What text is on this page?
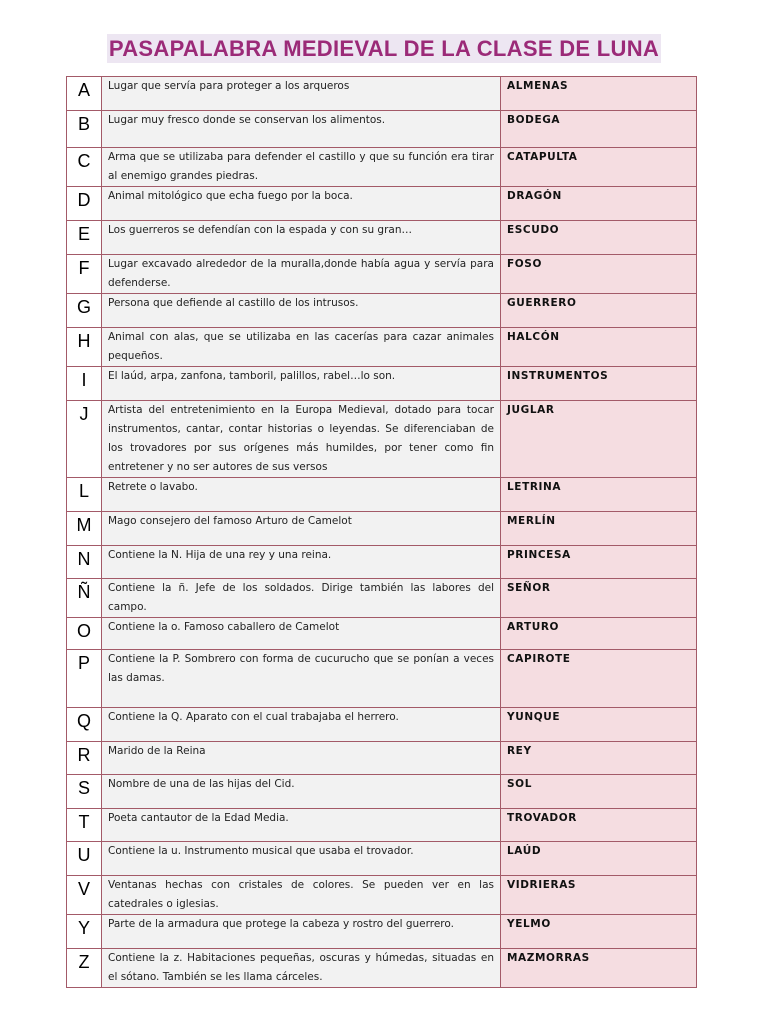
PASAPALABRA MEDIEVAL DE LA CLASE DE LUNA
A	Lugar que servía para proteger a los arqueros	ALMENAS
B	Lugar muy fresco donde se conservan los alimentos.	BODEGA
C	Arma que se utilizaba para defender el castillo y que su función era tirar al enemigo grandes piedras.	CATAPULTA
D	Animal mitológico que echa fuego por la boca.	DRAGÓN
E	Los guerreros se defendían con la espada y con su gran…	ESCUDO
F	Lugar excavado alrededor de la muralla,donde había agua y servía para defenderse.	FOSO
G	Persona que defiende al castillo de los intrusos.	GUERRERO
H	Animal con alas, que se utilizaba en las cacerías para cazar animales pequeños.	HALCÓN
I	El laúd, arpa, zanfona, tamboril, palillos, rabel…lo son.	INSTRUMENTOS
J	Artista del entretenimiento en la Europa Medieval, dotado para tocar instrumentos, cantar, contar historias o leyendas. Se diferenciaban de los trovadores por sus orígenes más humildes, por tener como fin entretener y no ser autores de sus versos	JUGLAR
L	Retrete o lavabo.	LETRINA
M	Mago consejero del famoso Arturo de Camelot	MERLÍN
N	Contiene la N. Hija de una rey y una reina.	PRINCESA
Ñ	Contiene la ñ. Jefe de los soldados. Dirige también las labores del campo.	SEÑOR
O	Contiene la o. Famoso caballero de Camelot	ARTURO
P	Contiene la P. Sombrero con forma de cucurucho que se ponían a veces las damas.	CAPIROTE
Q	Contiene la Q. Aparato con el cual trabajaba el herrero.	YUNQUE
R	Marido de la Reina	REY
S	Nombre de una de las hijas del Cid.	SOL
T	Poeta cantautor de la Edad Media.	TROVADOR
U	Contiene la u. Instrumento musical que usaba el trovador.	LAÚD
V	Ventanas hechas con cristales de colores. Se pueden ver en las catedrales o iglesias.	VIDRIERAS
Y	Parte de la armadura que protege la cabeza y rostro del guerrero.	YELMO
Z	Contiene la z. Habitaciones pequeñas, oscuras y húmedas, situadas en el sótano. También se les llama cárceles.	MAZMORRAS
